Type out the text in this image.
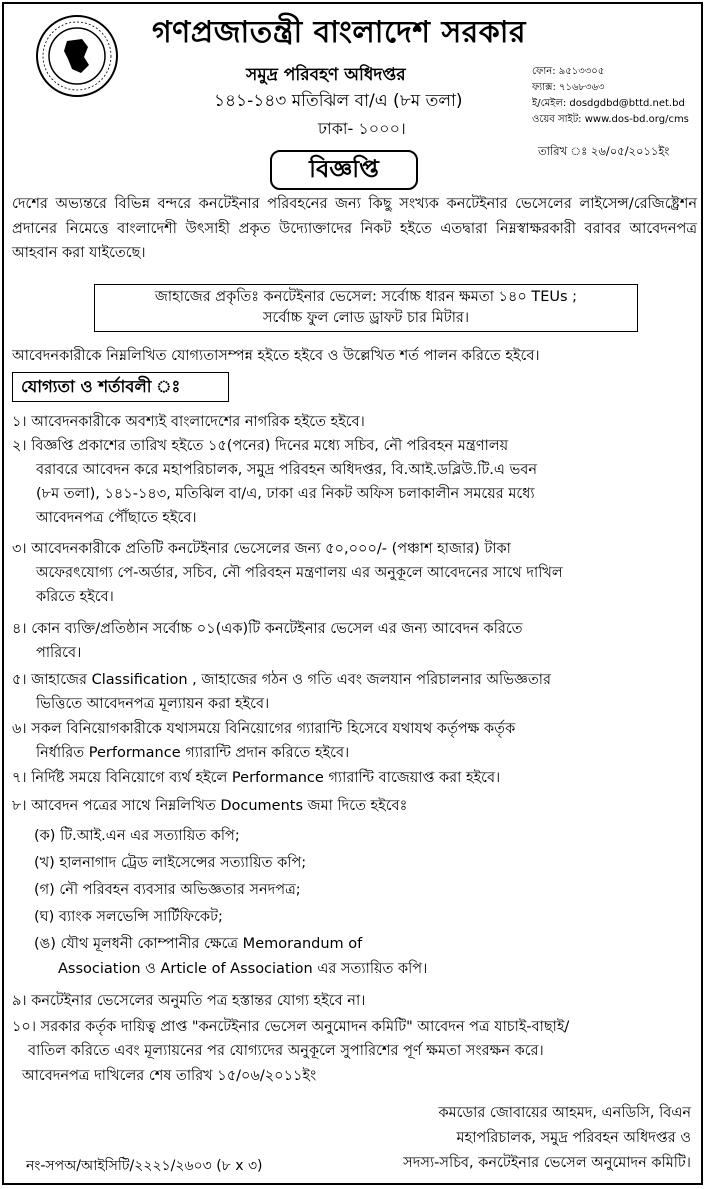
গণপ্রজাতন্ত্রী বাংলাদেশ সরকার
সমুদ্র পরিবহণ অধিদপ্তর
১৪১-১৪৩ মতিঝিল বা/এ (৮ম তলা)
ঢাকা- ১০০০।
ফোন: ৯৫১৩৩০৫
ফ্যাক্স: ৭১৬৮৩৬৩
ই/মেইল: dosdgdbd@bttd.net.bd
ওয়েব সাইট: www.dos-bd.org/cms
বিজ্ঞপ্তি
তারিখ ঃ ২৬/০৫/২০১১ইং
দেশের অভ্যন্তরে বিভিন্ন বন্দরে কনটেইনার পরিবহনের জন্য কিছু সংখ্যক কনটেইনার ভেসেলের লাইসেন্স/রেজিষ্ট্রেশন প্রদানের নিমেত্তে বাংলাদেশী উৎসাহী প্রকৃত উদ্যোক্তাদের নিকট হইতে এতদ্বারা নিম্নস্বাক্ষরকারী বরাবর আবেদনপত্র আহবান করা যাইতেছে।
জাহাজের প্রকৃতিঃ কনটেইনার ভেসেল: সর্বোচ্চ ধারন ক্ষমতা ১৪০ TEUs ;
সর্বোচ্চ ফুল লোড ড্রাফট চার মিটার।
আবেদনকারীকে নিম্নলিখিত যোগ্যতাসম্পন্ন হইতে হইবে ও উল্লেখিত শর্ত পালন করিতে হইবে।
যোগ্যতা ও শর্তাবলী ঃ
১। আবেদনকারীকে অবশ্যই বাংলাদেশের নাগরিক হইতে হইবে।
২। বিজ্ঞপ্তি প্রকাশের তারিখ হইতে ১৫(পনের) দিনের মধ্যে সচিব, নৌ পরিবহন মন্ত্রণালয়
বরাবরে আবেদন করে মহাপরিচালক, সমুদ্র পরিবহন অধিদপ্তর, বি.আই.ডব্লিউ.টি.এ ভবন
(৮ম তলা), ১৪১-১৪৩, মতিঝিল বা/এ, ঢাকা এর নিকট অফিস চলাকালীন সময়ের মধ্যে
আবেদনপত্র পৌঁছাতে হইবে।
৩। আবেদনকারীকে প্রতিটি কনটেইনার ভেসেলের জন্য ৫০,০০০/- (পঞ্চাশ হাজার) টাকা
অফেরৎযোগ্য পে-অর্ডার, সচিব, নৌ পরিবহন মন্ত্রণালয় এর অনুকূলে আবেদনের সাথে দাখিল
করিতে হইবে।
৪। কোন ব্যক্তি/প্রতিষ্ঠান সর্বোচ্চ ০১(এক)টি কনটেইনার ভেসেল এর জন্য আবেদন করিতে
পারিবে।
৫। জাহাজের Classification , জাহাজের গঠন ও গতি এবং জলযান পরিচালনার অভিজ্ঞতার
ভিত্তিতে আবেদনপত্র মূল্যায়ন করা হইবে।
৬। সকল বিনিয়োগকারীকে যথাসময়ে বিনিয়োগের গ্যারান্টি হিসেবে যথাযথ কর্তৃপক্ষ কর্তৃক
নির্ধারিত Performance গ্যারান্টি প্রদান করিতে হইবে।
৭। নির্দিষ্ট সময়ে বিনিয়োগে ব্যর্থ হইলে Performance গ্যারান্টি বাজেয়াপ্ত করা হইবে।
৮। আবেদন পত্রের সাথে নিম্নলিখিত Documents জমা দিতে হইবেঃ
(ক) টি.আই.এন এর সত্যায়িত কপি;
(খ) হালনাগাদ ট্রেড লাইসেন্সের সত্যায়িত কপি;
(গ) নৌ পরিবহন ব্যবসার অভিজ্ঞতার সনদপত্র;
(ঘ) ব্যাংক সলভেন্সি সার্টিফিকেট;
(ঙ) যৌথ মূলধনী কোম্পানীর ক্ষেত্রে Memorandum of
Association ও Article of Association এর সত্যায়িত কপি।
৯। কনটেইনার ভেসেলের অনুমতি পত্র হস্তান্তর যোগ্য হইবে না।
১০। সরকার কর্তৃক দায়িত্ব প্রাপ্ত "কনটেইনার ভেসেল অনুমোদন কমিটি" আবেদন পত্র যাচাই-বাছাই/
বাতিল করিতে এবং মূল্যায়নের পর যোগ্যদের অনুকূলে সুপারিশের পূর্ণ ক্ষমতা সংরক্ষন করে।
আবেদনপত্র দাখিলের শেষ তারিখ ১৫/০৬/২০১১ইং
কমডোর জোবায়ের আহমদ, এনডিসি, বিএন
মহাপরিচালক, সমুদ্র পরিবহন অধিদপ্তর ও
সদস্য-সচিব, কনটেইনার ভেসেল অনুমোদন কমিটি।
নং-সপঅ/আইসিটি/২২২১/২৬০৩ (৮ x ৩)
